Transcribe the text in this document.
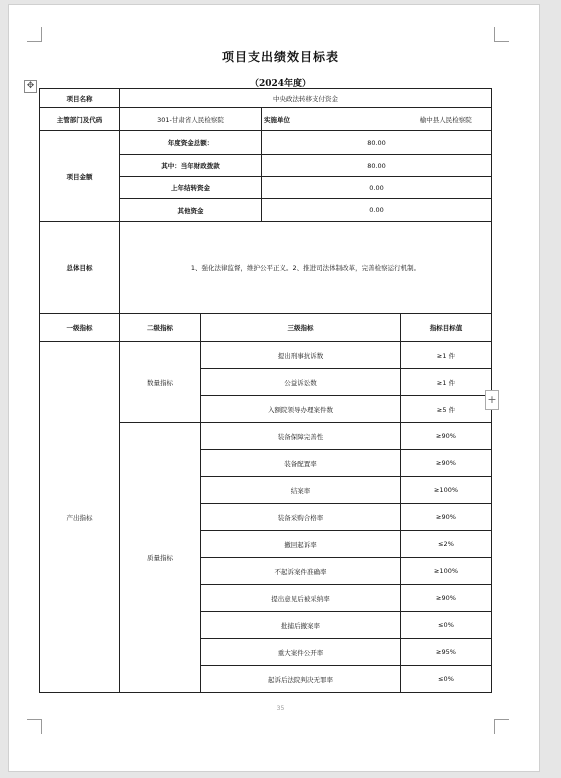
项目支出绩效目标表
（2024年度）
✥
项目名称	中央政法转移支付资金			
主管部门及代码	301-甘肃省人民检察院		实施单位	榆中县人民检察院
项目金额	年度资金总额：		80.00	
	其中：当年财政拨款		80.00	
	上年结转资金		0.00	
	其他资金		0.00	
总体目标	1、强化法律监督，维护公平正义。2、推进司法体制改革，完善检察运行机制。			
一级指标	二级指标	三级指标		指标目标值
产出指标	数量指标	提出刑事抗诉数		≥1 件
		公益诉讼数		≥1 件
		入额院领导办理案件数		≥5 件
	质量指标	装备保障完善性		≥90%
		装备配置率		≥90%
		结案率		≥100%
		装备采购合格率		≥90%
		撤回起诉率		≤2%
		不起诉案件准确率		≥100%
		提出意见后被采纳率		≥90%
		批捕后撤案率		≤0%
		重大案件公开率		≥95%
		起诉后法院判决无罪率		≤0%
+
35
